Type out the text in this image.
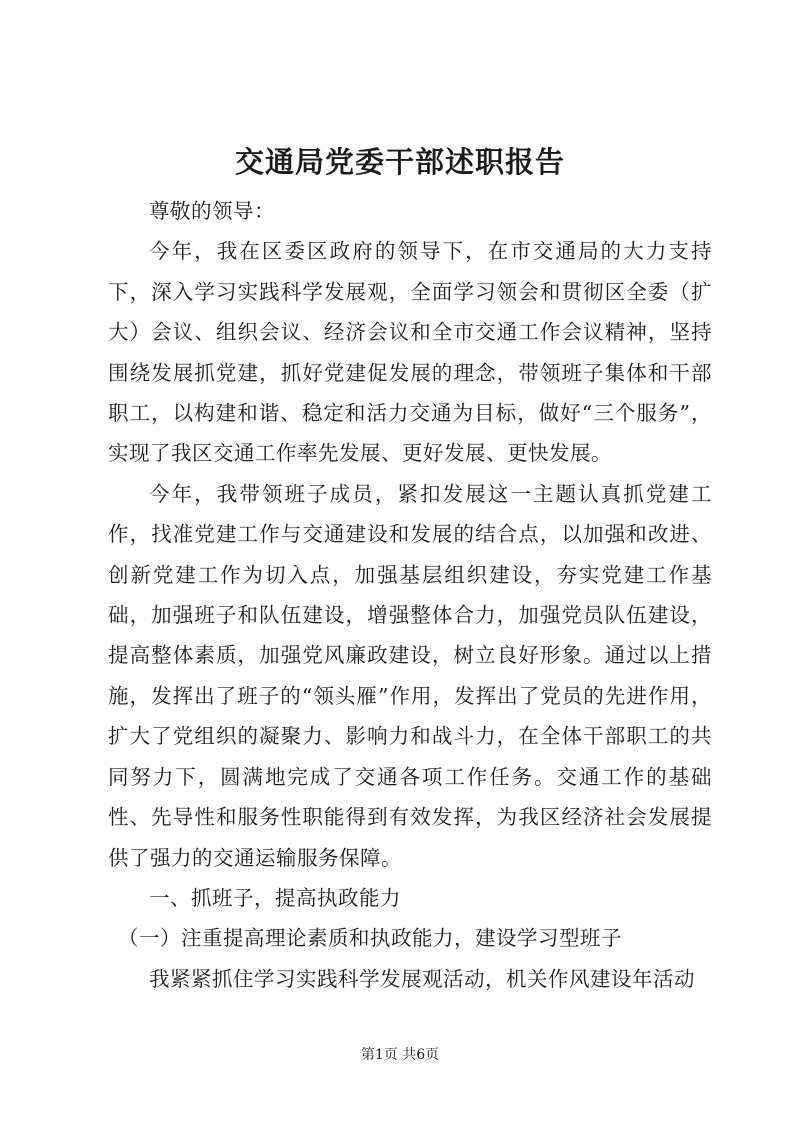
交通局党委干部述职报告

尊敬的领导：

今年，我在区委区政府的领导下，在市交通局的大力支持下，深入学习实践科学发展观，全面学习领会和贯彻区全委（扩大）会议、组织会议、经济会议和全市交通工作会议精神，坚持围绕发展抓党建，抓好党建促发展的理念，带领班子集体和干部职工，以构建和谐、稳定和活力交通为目标，做好“三个服务”，实现了我区交通工作率先发展、更好发展、更快发展。

今年，我带领班子成员，紧扣发展这一主题认真抓党建工作，找准党建工作与交通建设和发展的结合点，以加强和改进、创新党建工作为切入点，加强基层组织建设，夯实党建工作基础，加强班子和队伍建设，增强整体合力，加强党员队伍建设，提高整体素质，加强党风廉政建设，树立良好形象。通过以上措施，发挥出了班子的“领头雁”作用，发挥出了党员的先进作用，扩大了党组织的凝聚力、影响力和战斗力，在全体干部职工的共同努力下，圆满地完成了交通各项工作任务。交通工作的基础性、先导性和服务性职能得到有效发挥，为我区经济社会发展提供了强力的交通运输服务保障。

一、抓班子，提高执政能力

（一）注重提高理论素质和执政能力，建设学习型班子

我紧紧抓住学习实践科学发展观活动，机关作风建设年活动

第1页 共6页
